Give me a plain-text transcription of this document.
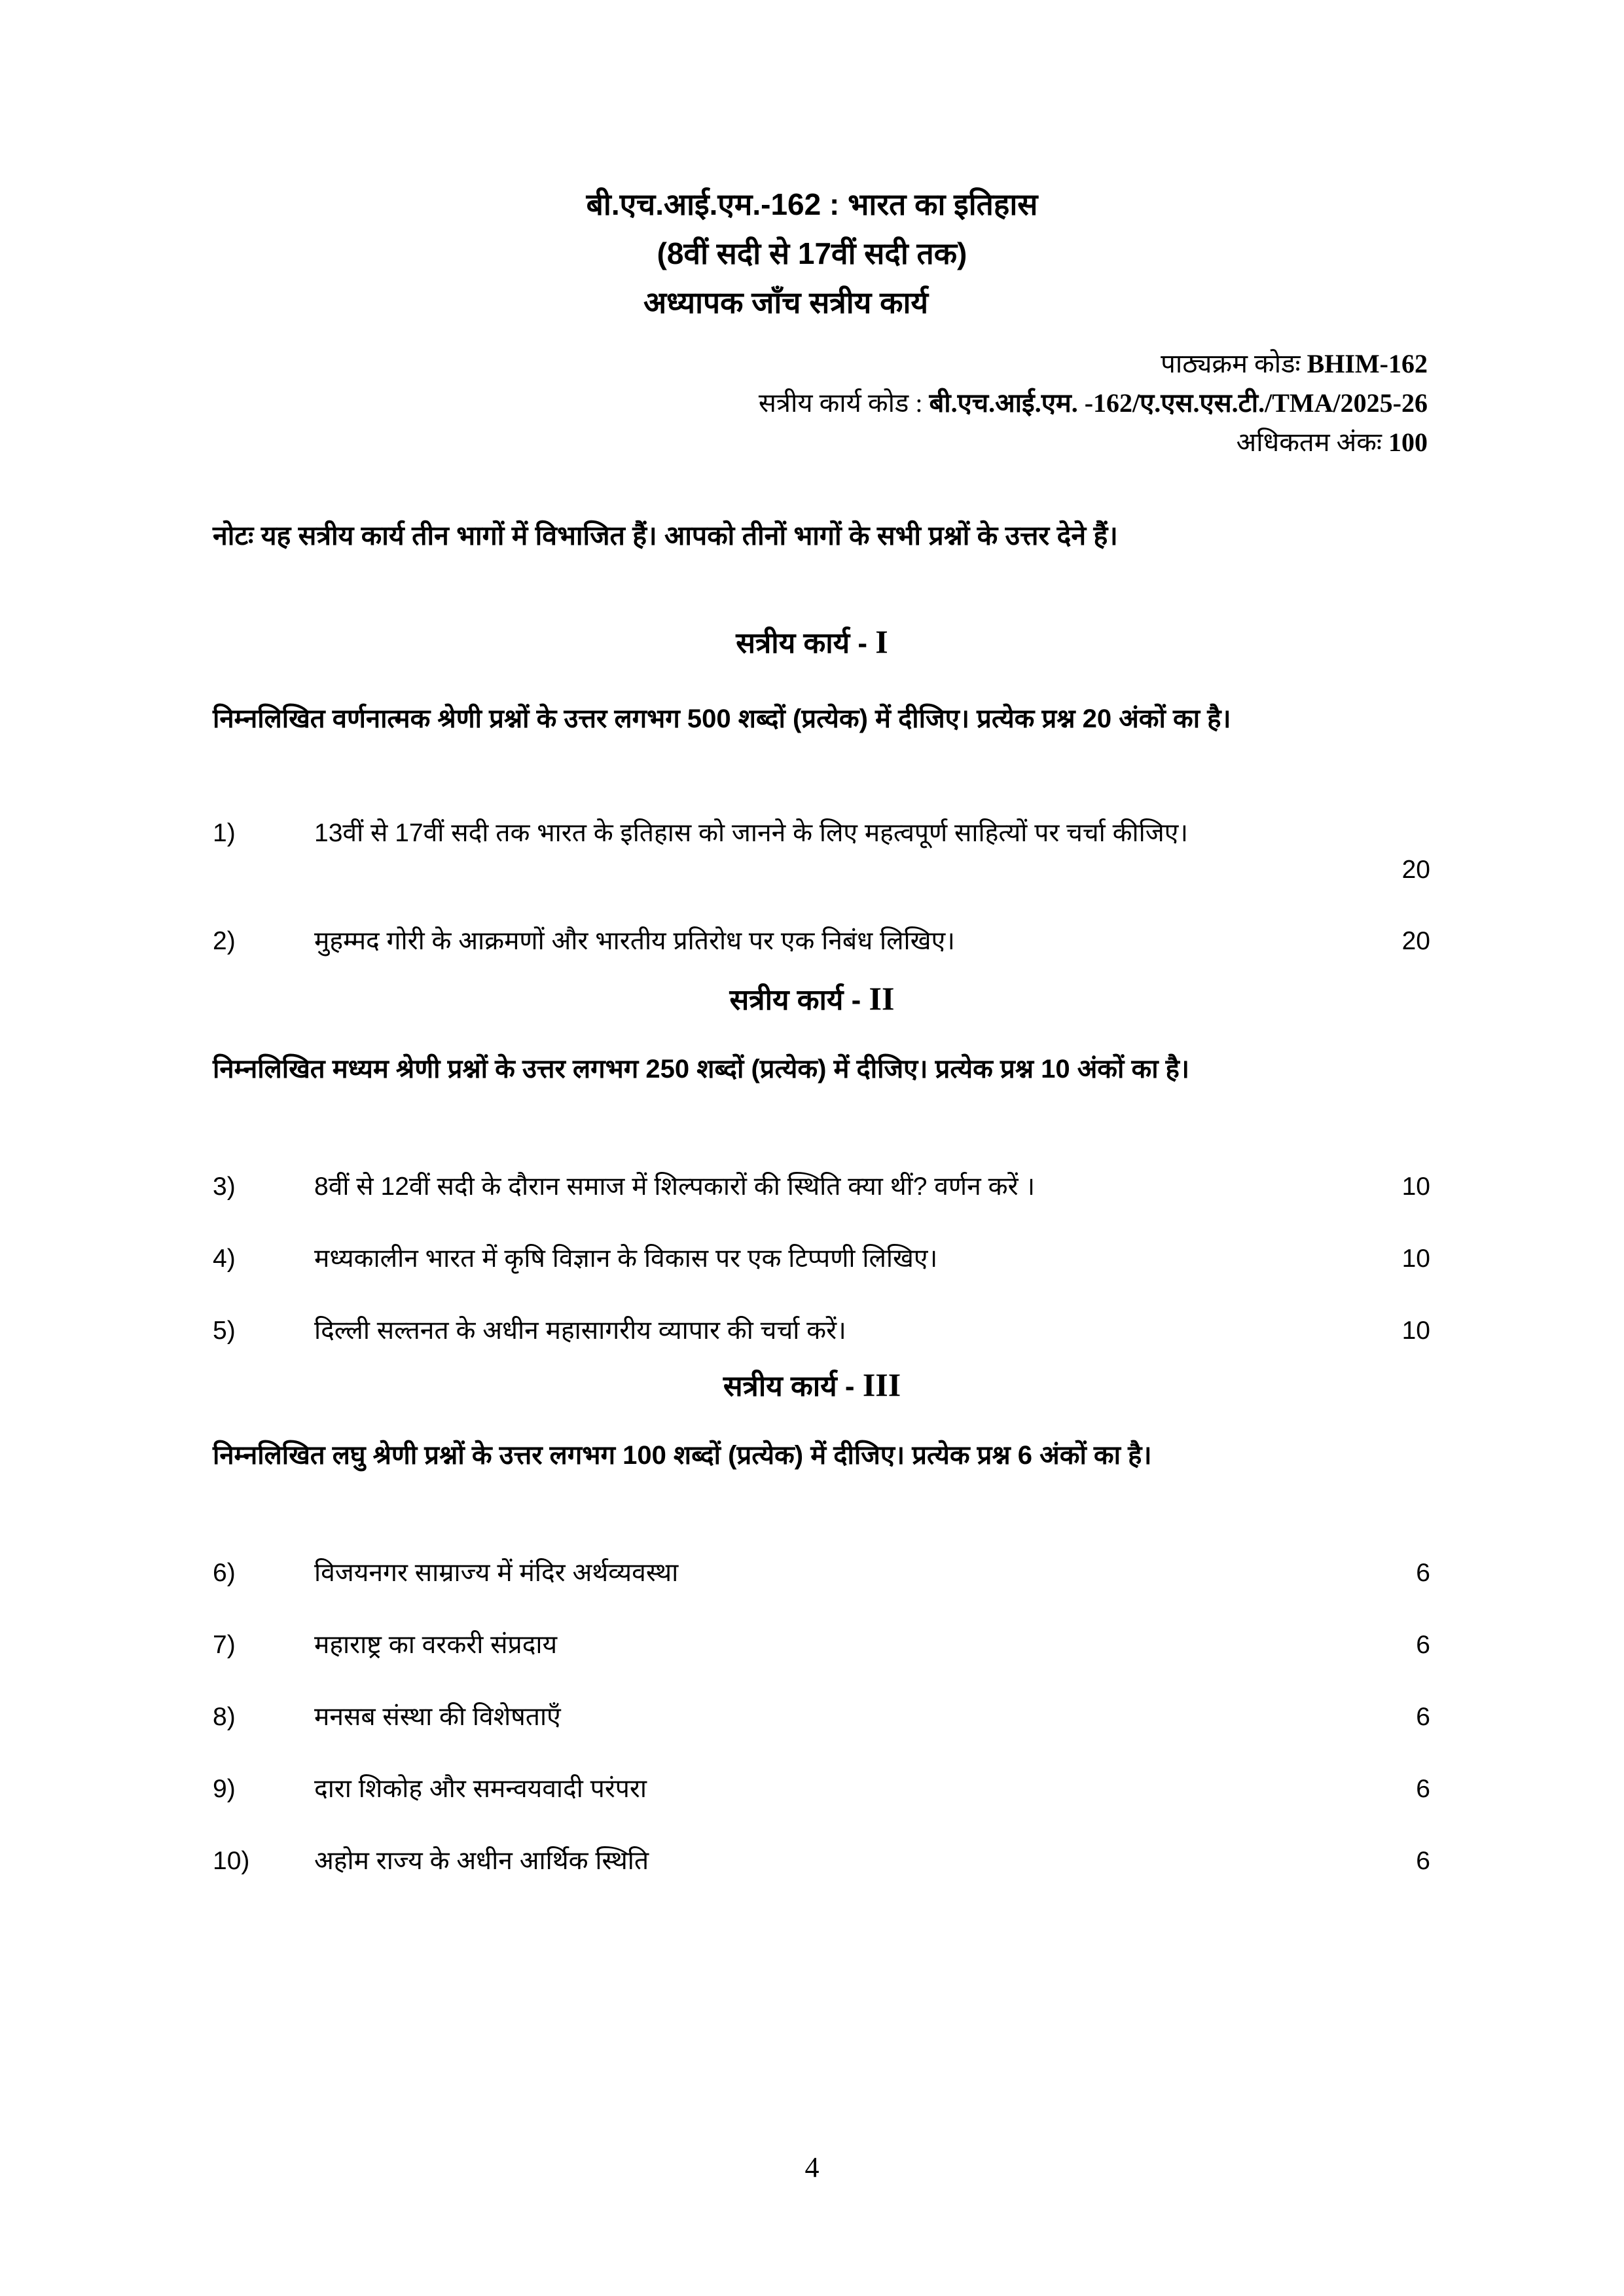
बी.एच.आई.एम.-162 : भारत का इतिहास
(8वीं सदी से 17वीं सदी तक)
अध्यापक जाँच सत्रीय कार्य
पाठ्यक्रम कोडः BHIM-162
सत्रीय कार्य कोड : बी.एच.आई.एम. -162/ए.एस.एस.टी./TMA/2025-26
अधिकतम अंकः 100
नोटः यह सत्रीय कार्य तीन भागों में विभाजित हैं। आपको तीनों भागों के सभी प्रश्नों के उत्तर देने हैं।
सत्रीय कार्य - I
निम्नलिखित वर्णनात्मक श्रेणी प्रश्नों के उत्तर लगभग 500 शब्दों (प्रत्येक) में दीजिए। प्रत्येक प्रश्न 20 अंकों का है।
1)	13वीं से 17वीं सदी तक भारत के इतिहास को जानने के लिए महत्वपूर्ण साहित्यों पर चर्चा कीजिए।
20
2)	मुहम्मद गोरी के आक्रमणों और भारतीय प्रतिरोध पर एक निबंध लिखिए।	20
सत्रीय कार्य - II
निम्नलिखित मध्यम श्रेणी प्रश्नों के उत्तर लगभग 250 शब्दों (प्रत्येक) में दीजिए। प्रत्येक प्रश्न 10 अंकों का है।
3)	8वीं से 12वीं सदी के दौरान समाज में शिल्पकारों की स्थिति क्या थीं? वर्णन करें ।	10
4)	मध्यकालीन भारत में कृषि विज्ञान के विकास पर एक टिप्पणी लिखिए।	10
5)	दिल्ली सल्तनत के अधीन महासागरीय व्यापार की चर्चा करें।	10
सत्रीय कार्य - III
निम्नलिखित लघु श्रेणी प्रश्नों के उत्तर लगभग 100 शब्दों (प्रत्येक) में दीजिए। प्रत्येक प्रश्न 6 अंकों का है।
6)	विजयनगर साम्राज्य में मंदिर अर्थव्यवस्था	6
7)	महाराष्ट्र का वरकरी संप्रदाय	6
8)	मनसब संस्था की विशेषताएँ	6
9)	दारा शिकोह और समन्वयवादी परंपरा	6
10)	अहोम राज्य के अधीन आर्थिक स्थिति	6
4
